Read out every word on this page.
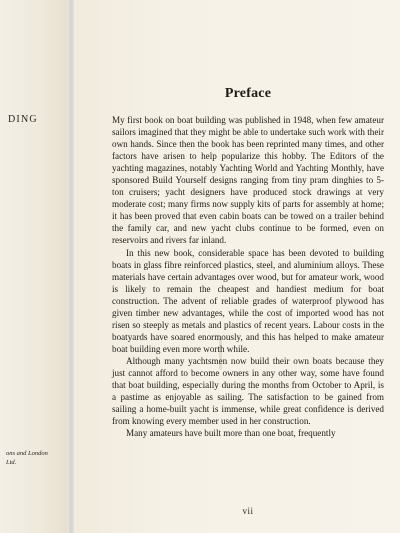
DING
ons and London
Ltd.
Preface

My first book on boat building was published in 1948, when few amateur sailors imagined that they might be able to undertake such work with their own hands. Since then the book has been reprinted many times, and other factors have arisen to help popularize this hobby. The Editors of the yachting magazines, notably Yachting World and Yachting Monthly, have sponsored Build Yourself designs ranging from tiny pram dinghies to 5-ton cruisers; yacht designers have produced stock drawings at very moderate cost; many firms now supply kits of parts for assembly at home; it has been proved that even cabin boats can be towed on a trailer behind the family car, and new yacht clubs continue to be formed, even on reservoirs and rivers far inland.

In this new book, considerable space has been devoted to building boats in glass fibre reinforced plastics, steel, and aluminium alloys. These materials have certain advantages over wood, but for amateur work, wood is likely to remain the cheapest and handiest medium for boat construction. The advent of reliable grades of waterproof plywood has given timber new advantages, while the cost of imported wood has not risen so steeply as metals and plastics of recent years. Labour costs in the boatyards have soared enormously, and this has helped to make amateur boat building even more worth while.

Although many yachtsmen now build their own boats because they just cannot afford to become owners in any other way, some have found that boat building, especially during the months from October to April, is a pastime as enjoyable as sailing. The satisfaction to be gained from sailing a home-built yacht is immense, while great confidence is derived from knowing every member used in her construction.

Many amateurs have built more than one boat, frequently

vii
